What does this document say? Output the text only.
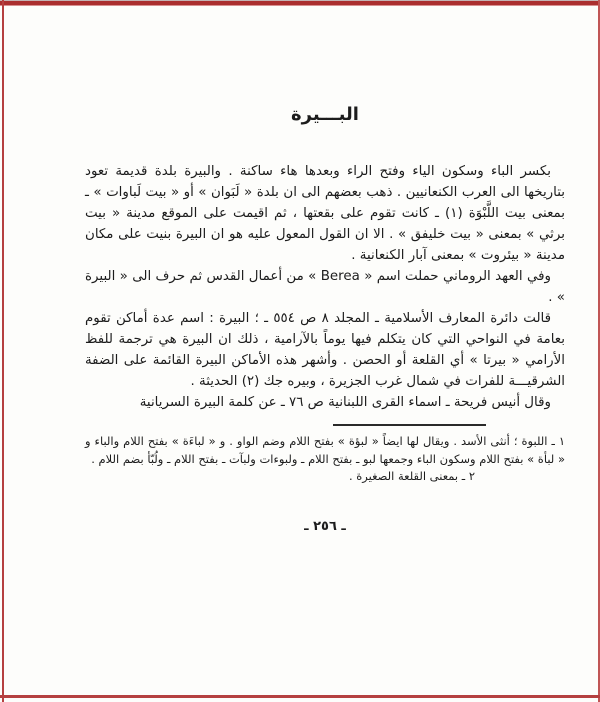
البـــيرة

بكسر الباء وسكون الياء وفتح الراء وبعدها هاء ساكنة . والبيرة بلدة قديمة تعود بتاريخها الى العرب الكنعانيين . ذهب بعضهم الى ان بلدة « لَبَوان » أو « بيت لَباوات » ـ بمعنى بيت اللَّبْوَة (١) ـ كانت تقوم على بقعتها ، ثم اقيمت على الموقع مدينة « بيت برثي » بمعنى « بيت خليفق » . الا ان القول المعول عليه هو ان البيرة بنيت على مكان مدينة « بيئروت » بمعنى آبار الكنعانية .

وفي العهد الروماني حملت اسم « Berea » من أعمال القدس ثم حرف الى « البيرة » .

قالت دائرة المعارف الأسلامية ـ المجلد ٨ ص ٥٥٤ ـ ؛ البيرة : اسم عدة أماكن تقوم بعامة في النواحي التي كان يتكلم فيها يوماً بالآرامية ، ذلك ان البيرة هي ترجمة للفظ الأرامي « بيرتا » أي القلعة أو الحصن . وأشهر هذه الأماكن البيرة القائمة على الضفة الشرقيـــة للفرات في شمال غرب الجزيرة ، وبيره جك (٢) الحديثة .

وقال أنيس فريحة ـ اسماء القرى اللبنانية ص ٧٦ ـ عن كلمة البيرة السريانية

١ ـ اللبوة ؛ أنثى الأسد . ويقال لها ايضاً « لبؤة » بفتح اللام وضم الواو . و « لباءَة » بفتح اللام والباء و « لبأة » بفتح اللام وسكون الباء وجمعها لبو ـ بفتح اللام ـ ولبوءات ولبآت ـ بفتح اللام ـ ولُبّأ بضم اللام .

٢ ـ بمعنى القلعة الصغيرة .

ـ ٢٥٦ ـ
